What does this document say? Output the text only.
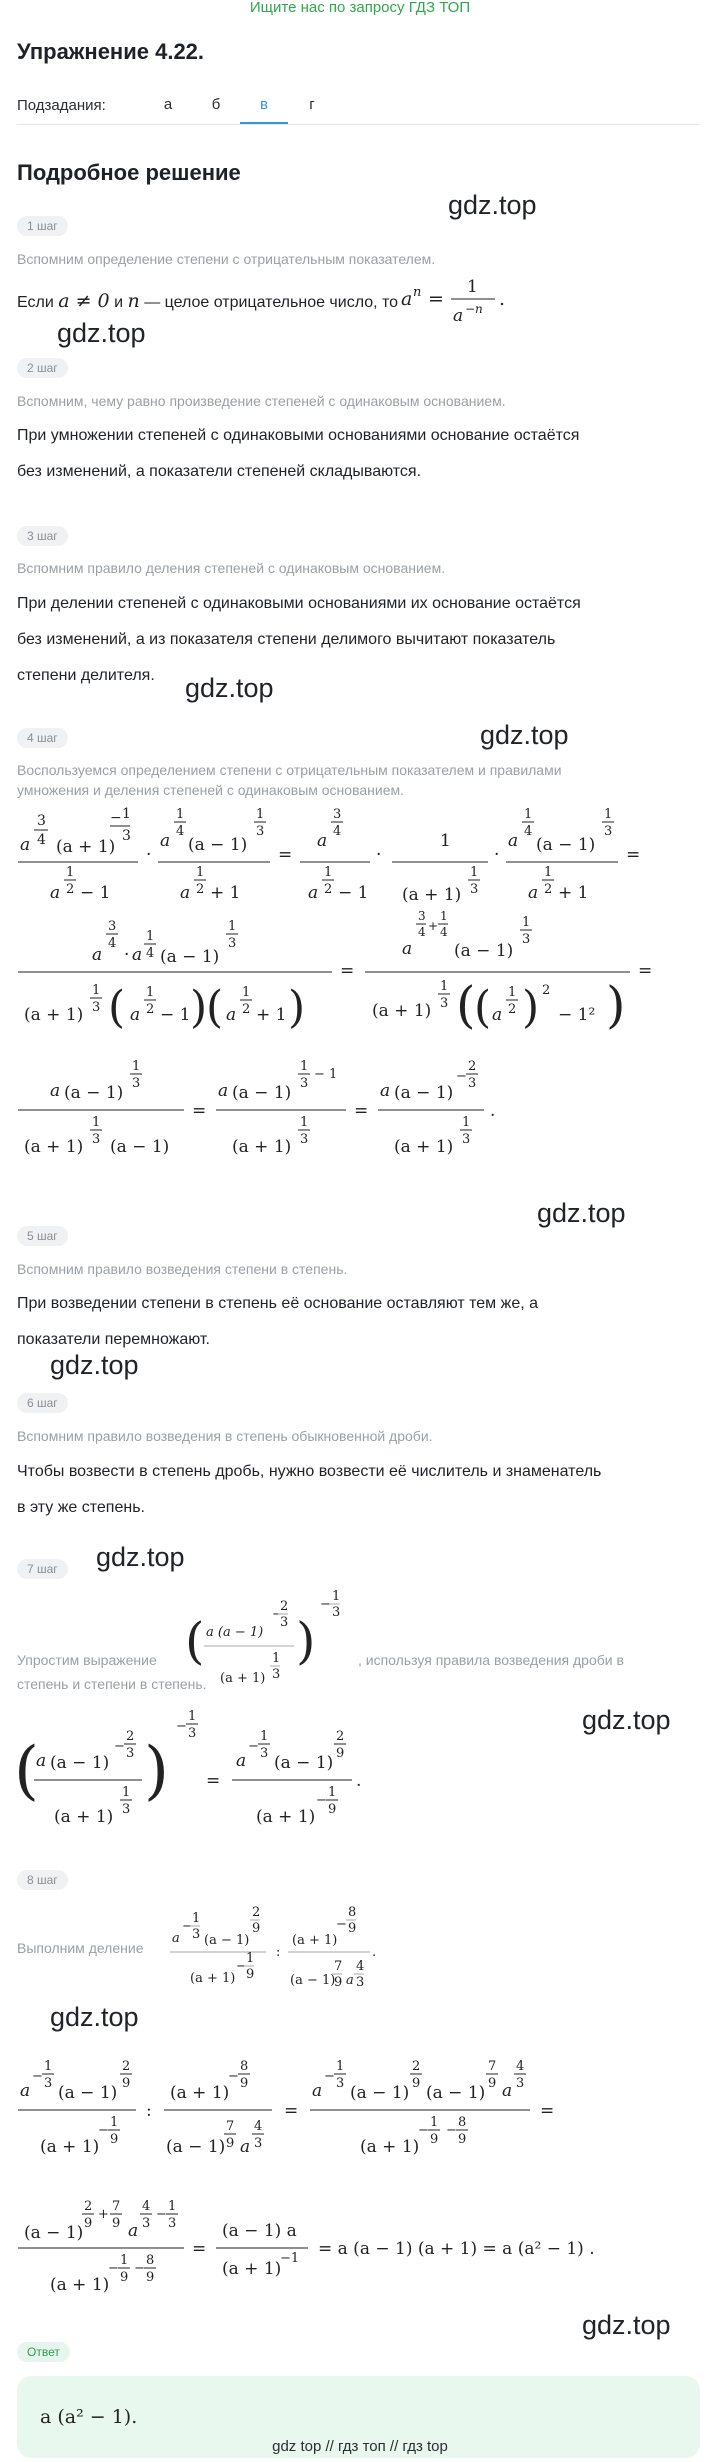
Ищите нас по запросу ГДЗ ТОП
Упражнение 4.22.
Подзадания:	а	б	в	г
Подробное решение
gdz.top
gdz.top
gdz.top
gdz.top
gdz.top
gdz.top
gdz.top
gdz.top
gdz.top
gdz.top
1 шаг
Вспомним определение степени с отрицательным показателем.
Если a ≠ 0 и n — целое отрицательное число, то a n =
1
a −n .
2 шаг
Вспомним, чему равно произведение степеней с одинаковым основанием.
При умножении степеней с одинаковыми основаниями основание остаётся
без изменений, а показатели степеней складываются.
3 шаг
Вспомним правило деления степеней с одинаковым основанием.
При делении степеней с одинаковыми основаниями их основание остаётся
без изменений, а из показателя степени делимого вычитают показатель
степени делителя.
4 шаг
Воспользуемся определением степени с отрицательным показателем и правилами
умножения и деления степеней с одинаковым основанием.
3
4
a (a + 1)
1
−
3
1
2
a − 1
·
1
4
a (a − 1)
1
3
1
2
a + 1
=
3
4
a
1
2
a − 1
·
1
(a + 1)
1
3
·
1
4
a (a − 1)
1
3
1
2
a + 1
=
3
4
a ·
1
4
a (a − 1)
1
3
(a + 1)
1
3 ( 1
2
a − 1 )
( 1
2
a + 1 )
=
3
4 +
1
4
a (a − 1)
1
3
(a + 1)
1
3 (
( 1
2
a ) 2
− 1² )
=
a (a − 1)
1
3
(a + 1)
1
3 (a − 1)
=
a (a − 1)
1
3
− 1
(a + 1)
1
3
=
a (a − 1)
−
2
3
(a + 1)
1
3
.
5 шаг
Вспомним правило возведения степени в степень.
При возведении степени в степень её основание оставляют тем же, а
показатели перемножают.
6 шаг
Вспомним правило возведения в степень обыкновенной дроби.
Чтобы возвести в степень дробь, нужно возвести её числитель и знаменатель
в эту же степень.
7 шаг
Упростим выражение ( a (a − 1)
−
2
3
(a + 1)
1
3
)
−
1
3
, используя правила возведения дроби в
степень и степени в степень.
(
a (a − 1)
−
2
3
(a + 1)
1
3
)
−
1
3
=
a
−
1
3 (a − 1)
2
9
(a + 1)
−
1
9
.
8 шаг
Выполним деление
a
−
1
3 (a − 1)
2
9
(a + 1)
−
1
9
:
(a + 1)
−
8
9
(a − 1)
7
9 a
4
3
.
a
−
1
3 (a − 1)
2
9
(a + 1)
−
1
9
:
(a + 1)
−
8
9
(a − 1)
7
9 a
4
3
=
a
−
1
3 (a − 1)
2
9 (a − 1)
7
9 a
4
3
(a + 1)
−
1
9
−
8
9
=
(a − 1)
2
9
+
7
9 a
4
3
−
1
3
(a + 1)
−
1
9
−
8
9
=
(a − 1) a
(a + 1)
−1 = a (a − 1) (a + 1) = a (a² − 1) .
Ответ
a (a² − 1).
gdz top // гдз топ // гдз top
